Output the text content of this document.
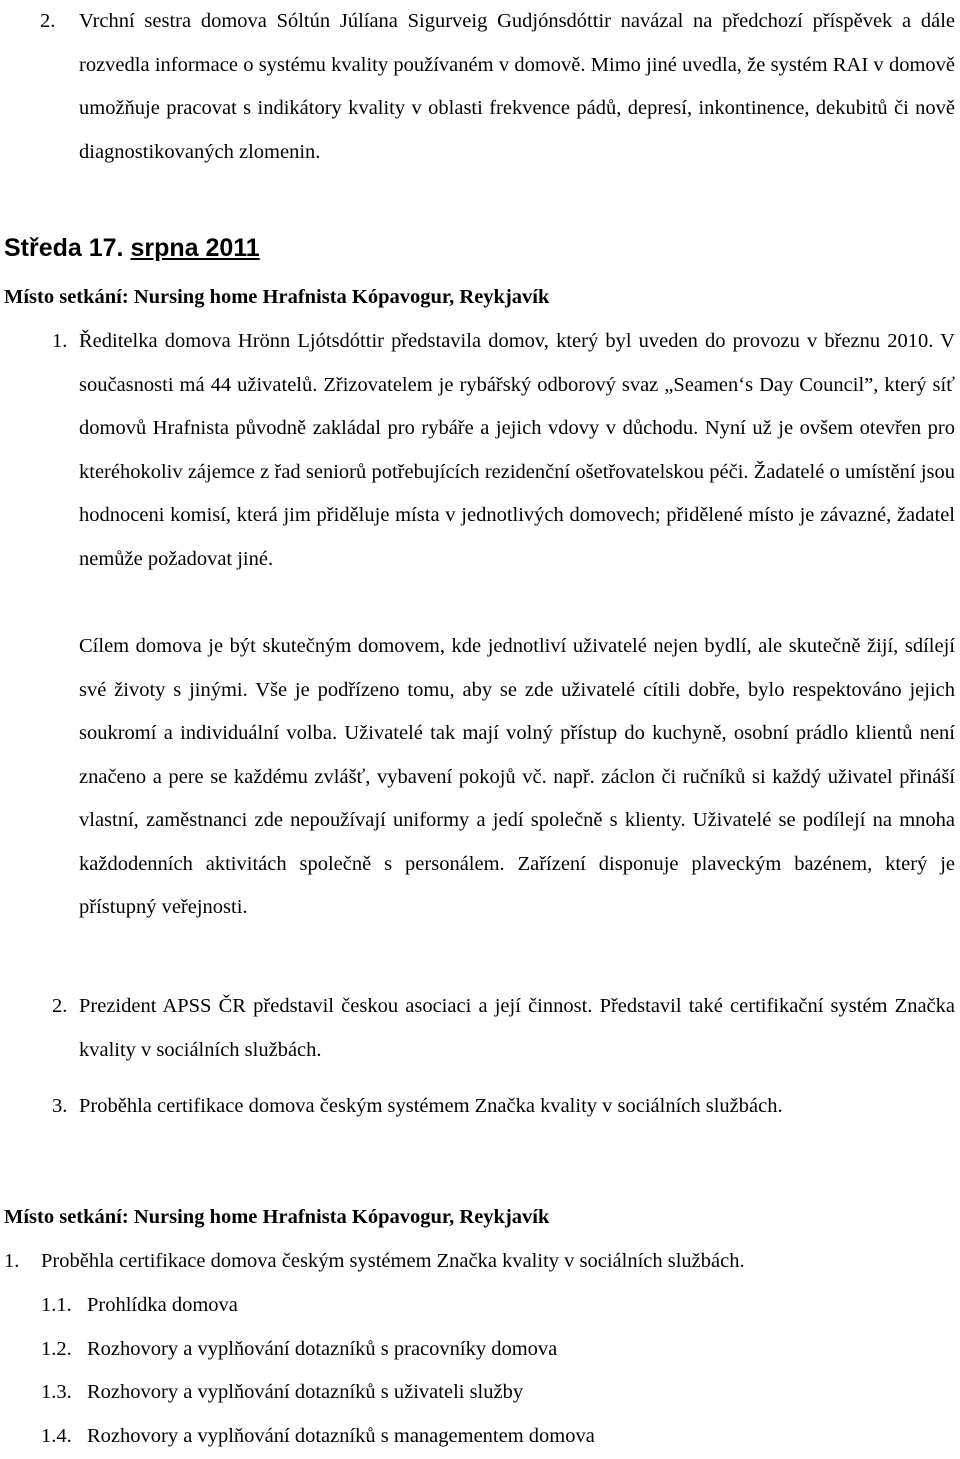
2. Vrchní sestra domova Sóltún Júlíana Sigurveig Gudjónsdóttir navázal na předchozí příspěvek a dále rozvedla informace o systému kvality používaném v domově. Mimo jiné uvedla, že systém RAI v domově umožňuje pracovat s indikátory kvality v oblasti frekvence pádů, depresí, inkontinence, dekubitů či nově diagnostikovaných zlomenin.
Středa 17. srpna 2011
Místo setkání: Nursing home Hrafnista Kópavogur, Reykjavík
1. Ředitelka domova Hrönn Ljótsdóttir představila domov, který byl uveden do provozu v březnu 2010. V současnosti má 44 uživatelů. Zřizovatelem je rybářský odborový svaz „Seamen‘s Day Council”, který síť domovů Hrafnista původně zakládal pro rybáře a jejich vdovy v důchodu. Nyní už je ovšem otevřen pro kteréhokoliv zájemce z řad seniorů potřebujících rezidenční ošetřovatelskou péči. Žadatelé o umístění jsou hodnoceni komisí, která jim přiděluje místa v jednotlivých domovech; přidělené místo je závazné, žadatel nemůže požadovat jiné.
Cílem domova je být skutečným domovem, kde jednotliví uživatelé nejen bydlí, ale skutečně žijí, sdílejí své životy s jinými. Vše je podřízeno tomu, aby se zde uživatelé cítili dobře, bylo respektováno jejich soukromí a individuální volba. Uživatelé tak mají volný přístup do kuchyně, osobní prádlo klientů není značeno a pere se každému zvlášť, vybavení pokojů vč. např. záclon či ručníků si každý uživatel přináší vlastní, zaměstnanci zde nepoužívají uniformy a jedí společně s klienty. Uživatelé se podílejí na mnoha každodenních aktivitách společně s personálem. Zařízení disponuje plaveckým bazénem, který je přístupný veřejnosti.
2. Prezident APSS ČR představil českou asociaci a její činnost. Představil také certifikační systém Značka kvality v sociálních službách.
3. Proběhla certifikace domova českým systémem Značka kvality v sociálních službách.
Místo setkání: Nursing home Hrafnista Kópavogur, Reykjavík
1. Proběhla certifikace domova českým systémem Značka kvality v sociálních službách.
1.1. Prohlídka domova
1.2. Rozhovory a vyplňování dotazníků s pracovníky domova
1.3. Rozhovory a vyplňování dotazníků s uživateli služby
1.4. Rozhovory a vyplňování dotazníků s managementem domova
